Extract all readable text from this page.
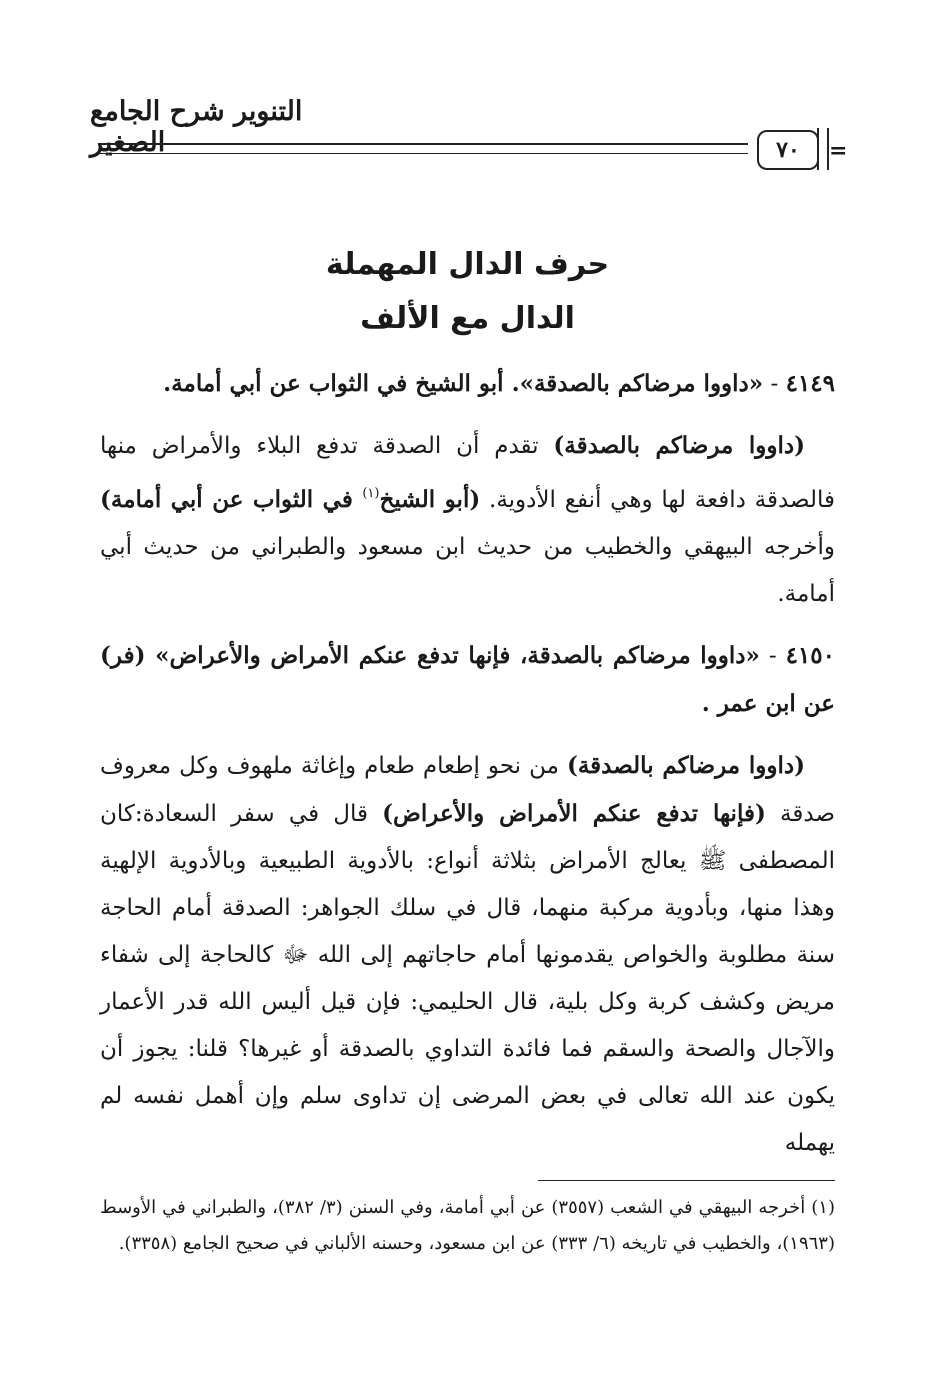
التنوير شرح الجامع الصغير	٧٠	=
حرف الدال المهملة
الدال مع الألف

٤١٤٩ - «داووا مرضاكم بالصدقة». أبو الشيخ في الثواب عن أبي أمامة.

(داووا مرضاكم بالصدقة) تقدم أن الصدقة تدفع البلاء والأمراض منها فالصدقة دافعة لها وهي أنفع الأدوية. (أبو الشيخ$^{(١)}$ في الثواب عن أبي أمامة) وأخرجه البيهقي والخطيب من حديث ابن مسعود والطبراني من حديث أبي أمامة.

٤١٥٠ - «داووا مرضاكم بالصدقة، فإنها تدفع عنكم الأمراض والأعراض» (فر) عن ابن عمر .

(داووا مرضاكم بالصدقة) من نحو إطعام طعام وإغاثة ملهوف وكل معروف صدقة (فإنها تدفع عنكم الأمراض والأعراض) قال في سفر السعادة:كان المصطفى ﷺ يعالج الأمراض بثلاثة أنواع: بالأدوية الطبيعية وبالأدوية الإلهية وهذا منها، وبأدوية مركبة منهما، قال في سلك الجواهر: الصدقة أمام الحاجة سنة مطلوبة والخواص يقدمونها أمام حاجاتهم إلى الله ﷻ كالحاجة إلى شفاء مريض وكشف كربة وكل بلية، قال الحليمي: فإن قيل أليس الله قدر الأعمار والآجال والصحة والسقم فما فائدة التداوي بالصدقة أو غيرها؟ قلنا: يجوز أن يكون عند الله تعالى في بعض المرضى إن تداوى سلم وإن أهمل نفسه لم يهمله

(١) أخرجه البيهقي في الشعب (٣٥٥٧) عن أبي أمامة، وفي السنن (٣/ ٣٨٢)، والطبراني في الأوسط (١٩٦٣)، والخطيب في تاريخه (٦/ ٣٣٣) عن ابن مسعود، وحسنه الألباني في صحيح الجامع (٣٣٥٨).
